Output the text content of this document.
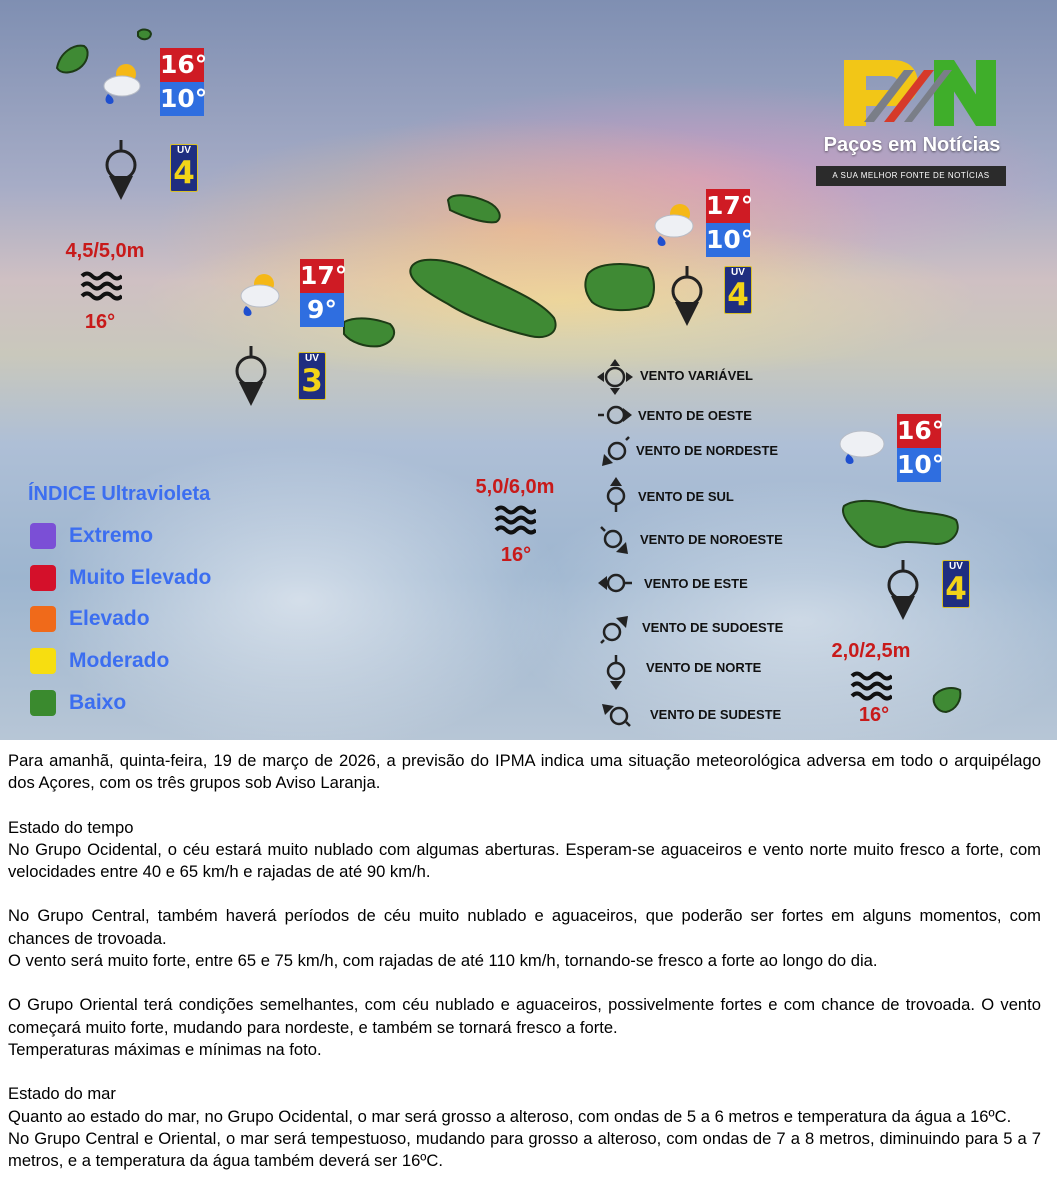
Paços em Notícias
A SUA MELHOR FONTE DE NOTÍCIAS
16°
10°
UV
4
4,5/5,0m
16°
17°
9°
UV
3
17°
10°
UV
4
5,0/6,0m
16°
16°
10°
UV
4
2,0/2,5m
16°
ÍNDICE Ultravioleta
Extremo
Muito Elevado
Elevado
Moderado
Baixo
VENTO VARIÁVEL
VENTO DE OESTE
VENTO DE NORDESTE
VENTO DE SUL
VENTO DE NOROESTE
VENTO DE ESTE
VENTO DE SUDOESTE
VENTO DE NORTE
VENTO DE SUDESTE

Para amanhã, quinta-feira, 19 de março de 2026, a previsão do IPMA indica uma situação meteorológica adversa em todo o arquipélago dos Açores, com os três grupos sob Aviso Laranja.

Estado do tempo

No Grupo Ocidental, o céu estará muito nublado com algumas aberturas. Esperam-se aguaceiros e vento norte muito fresco a forte, com velocidades entre 40 e 65 km/h e rajadas de até 90 km/h.

No Grupo Central, também haverá períodos de céu muito nublado e aguaceiros, que poderão ser fortes em alguns momentos, com chances de trovoada.

O vento será muito forte, entre 65 e 75 km/h, com rajadas de até 110 km/h, tornando-se fresco a forte ao longo do dia.

O Grupo Oriental terá condições semelhantes, com céu nublado e aguaceiros, possivelmente fortes e com chance de trovoada. O vento começará muito forte, mudando para nordeste, e também se tornará fresco a forte.

Temperaturas máximas e mínimas na foto.

Estado do mar

Quanto ao estado do mar, no Grupo Ocidental, o mar será grosso a alteroso, com ondas de 5 a 6 metros e temperatura da água a 16ºC.

No Grupo Central e Oriental, o mar será tempestuoso, mudando para grosso a alteroso, com ondas de 7 a 8 metros, diminuindo para 5 a 7 metros, e a temperatura da água também deverá ser 16ºC.
